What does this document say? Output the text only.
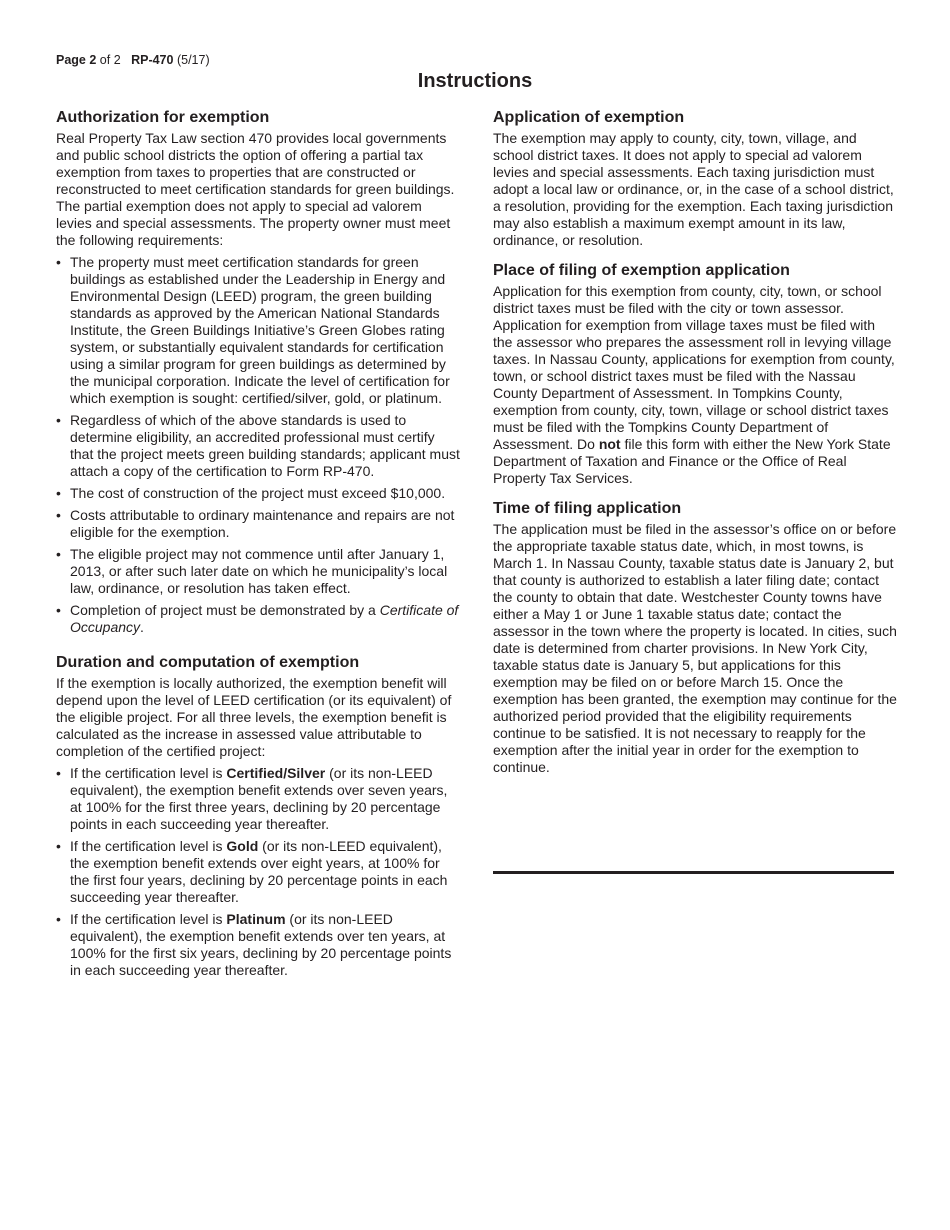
Page 2 of 2 RP-470 (5/17)
Instructions
Authorization for exemption

Real Property Tax Law section 470 provides local governments and public school districts the option of offering a partial tax exemption from taxes to properties that are constructed or reconstructed to meet certification standards for green buildings. The partial exemption does not apply to special ad valorem levies and special assessments. The property owner must meet the following requirements:

• The property must meet certification standards for green buildings as established under the Leadership in Energy and Environmental Design (LEED) program, the green building standards as approved by the American National Standards Institute, the Green Buildings Initiative’s Green Globes rating system, or substantially equivalent standards for certification using a similar program for green buildings as determined by the municipal corporation. Indicate the level of certification for which exemption is sought: certified/silver, gold, or platinum.
• Regardless of which of the above standards is used to determine eligibility, an accredited professional must certify that the project meets green building standards; applicant must attach a copy of the certification to Form RP-470.
• The cost of construction of the project must exceed $10,000.
• Costs attributable to ordinary maintenance and repairs are not eligible for the exemption.
• The eligible project may not commence until after January 1, 2013, or after such later date on which he municipality’s local law, ordinance, or resolution has taken effect.
• Completion of project must be demonstrated by a Certificate of Occupancy.
Duration and computation of exemption

If the exemption is locally authorized, the exemption benefit will depend upon the level of LEED certification (or its equivalent) of the eligible project. For all three levels, the exemption benefit is calculated as the increase in assessed value attributable to completion of the certified project:

• If the certification level is Certified/Silver (or its non-LEED equivalent), the exemption benefit extends over seven years, at 100% for the first three years, declining by 20 percentage points in each succeeding year thereafter.
• If the certification level is Gold (or its non-LEED equivalent), the exemption benefit extends over eight years, at 100% for the first four years, declining by 20 percentage points in each succeeding year thereafter.
• If the certification level is Platinum (or its non-LEED equivalent), the exemption benefit extends over ten years, at 100% for the first six years, declining by 20 percentage points in each succeeding year thereafter.
Application of exemption

The exemption may apply to county, city, town, village, and school district taxes. It does not apply to special ad valorem levies and special assessments. Each taxing jurisdiction must adopt a local law or ordinance, or, in the case of a school district, a resolution, providing for the exemption. Each taxing jurisdiction may also establish a maximum exempt amount in its law, ordinance, or resolution.

Place of filing of exemption application

Application for this exemption from county, city, town, or school district taxes must be filed with the city or town assessor. Application for exemption from village taxes must be filed with the assessor who prepares the assessment roll in levying village taxes. In Nassau County, applications for exemption from county, town, or school district taxes must be filed with the Nassau County Department of Assessment. In Tompkins County, exemption from county, city, town, village or school district taxes must be filed with the Tompkins County Department of Assessment. Do not file this form with either the New York State Department of Taxation and Finance or the Office of Real Property Tax Services.

Time of filing application

The application must be filed in the assessor’s office on or before the appropriate taxable status date, which, in most towns, is March 1. In Nassau County, taxable status date is January 2, but that county is authorized to establish a later filing date; contact the county to obtain that date. Westchester County towns have either a May 1 or June 1 taxable status date; contact the assessor in the town where the property is located. In cities, such date is determined from charter provisions. In New York City, taxable status date is January 5, but applications for this exemption may be filed on or before March 15. Once the exemption has been granted, the exemption may continue for the authorized period provided that the eligibility requirements continue to be satisfied. It is not necessary to reapply for the exemption after the initial year in order for the exemption to continue.
